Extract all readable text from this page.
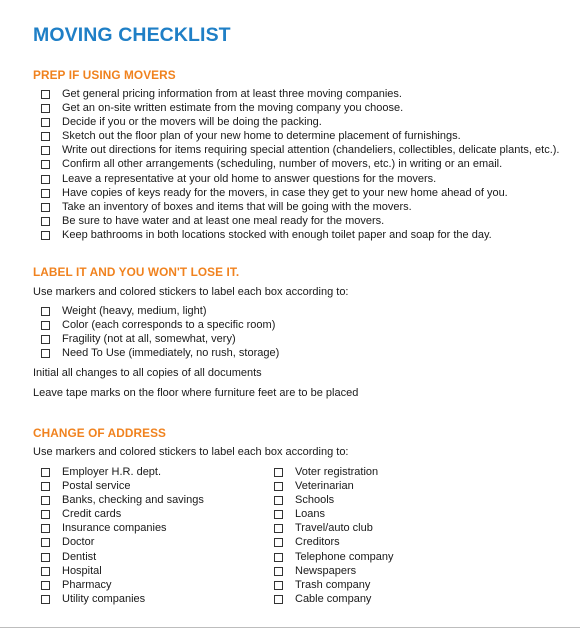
MOVING CHECKLIST
PREP IF USING MOVERS
Get general pricing information from at least three moving companies.
Get an on-site written estimate from the moving company you choose.
Decide if you or the movers will be doing the packing.
Sketch out the floor plan of your new home to determine placement of furnishings.
Write out directions for items requiring special attention (chandeliers, collectibles, delicate plants, etc.).
Confirm all other arrangements (scheduling, number of movers, etc.) in writing or an email.
Leave a representative at your old home to answer questions for the movers.
Have copies of keys ready for the movers, in case they get to your new home ahead of you.
Take an inventory of boxes and items that will be going with the movers.
Be sure to have water and at least one meal ready for the movers.
Keep bathrooms in both locations stocked with enough toilet paper and soap for the day.
LABEL IT AND YOU WON'T LOSE IT.

Use markers and colored stickers to label each box according to:

Weight (heavy, medium, light)
Color (each corresponds to a specific room)
Fragility (not at all, somewhat, very)
Need To Use (immediately, no rush, storage)

Initial all changes to all copies of all documents

Leave tape marks on the floor where furniture feet are to be placed

CHANGE OF ADDRESS

Use markers and colored stickers to label each box according to:

Employer H.R. dept.
Postal service
Banks, checking and savings
Credit cards
Insurance companies
Doctor
Dentist
Hospital
Pharmacy
Utility companies
Voter registration
Veterinarian
Schools
Loans
Travel/auto club
Creditors
Telephone company
Newspapers
Trash company
Cable company
